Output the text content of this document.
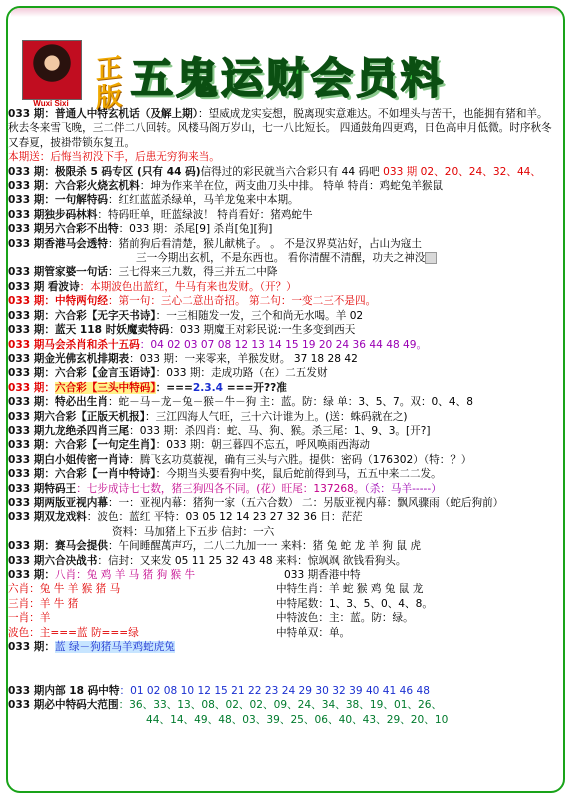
Wuxi Sixi
正版 五鬼运财会员料
033 期：普通人中特玄机话（及解上期）：望威成龙实妄想，脱离现实意难达。不如埋头与苦干，也能拥有猪和羊。秋去冬来雪飞晚，三二伴二八回转。风楼马阁万岁山，七一八比短长。 四通鼓角四更鸡，日色高申月低微。时序秋冬又春夏，披褂带锁东复丑。
本期送：后悔当初没下手，后患无穷狗来当。
033 期：极限杀 5 码专区 (只有 44 码)信得过的彩民就当六合彩只有 44 码吧 033 期 02、20、24、32、44、
033 期：六合彩火烧玄机料：坤为作来羊在位，两支曲刀头中排。 特单 特肖：鸡蛇兔羊猴鼠
033 期：一句解特码：红红蓝蓝杀绿单，马羊龙兔来中本期。
033 期独步码林料：特码旺单，旺蓝绿波！ 特肖看好：猪鸡蛇牛
033 期另六合彩不出特：033 期：杀尾[9] 杀肖[兔][狗]
033 期香港马会透特：猪前狗后看清楚，猴儿献桃子。 。 不是汉界莫沾好，占山为寇土
三一今期出玄机，不是东西也。 看你清醒不清醒，功夫之神没
033 期管家婆一句话：三七得来三九数，得三并五二中降
033 期 看波诗：本期波色出蓝红，牛马有来也发财。（开？）
033 期：中特两句经：第一句：三心二意出奇招。 第二句：一变二三不是四。
033 期：六合彩【无字天书诗】：一三相随发一发，三个和尚无水喝。羊 02
033 期：蓝天 118 时妖魔卖特码：033 期魔王对彩民说:一生多变到西天
033 期马会杀肖和杀十五码：04 02 03 07 08 12 13 14 15 19 20 24 36 44 48 49。
033 期金光佛玄机排期表：033 期：一来零来，羊猴发财。 37 18 28 42
033 期：六合彩【金言玉语诗】：033 期：走成功路（在）二五发财
033 期：六合彩【三头中特码】：===2.3.4 ===开??准
033 期：特必出生肖：蛇－马－龙－兔－猴－牛－狗 主：蓝。防：绿 单：3、5、7。双：0、4、8
033 期六合彩【正版天机报】：三江四海人气旺，三十六计谁为上。(送：蛛码就在之)
033 期九龙绝杀四肖三尾：033 期：杀四肖：蛇、马、狗、猴。杀三尾：1、9、3。[开?]
033 期：六合彩【一句定生肖】：033 期：朝三暮四不忘五，呼风唤雨西海动
033 期白小姐传密一肖诗：腾飞玄功莫藐视，确有三头与六胜。提供：密码（176302）（特：？）
033 期：六合彩【一肖中特诗】：今期当头要看狗中奖，鼠后蛇前得到马，五五中来二二发。
033 期特码王：七步成诗七七数，猪三狗四各不同。(花）旺尾：137268。（杀：马羊-----）
033 期两版亚视内幕：一：亚视内幕：猪狗一家（五六合数） 二：另版亚视内幕：飘风骤雨（蛇后狗前）
033 期双龙戏料：波色：蓝红 平特：03 05 12 14 23 27 32 36 日：茫茫
资料：马加猪上下五步 信封：一六
033 期：赛马会提供：午间睡醒萬声巧，二八二九加一一 来料：猪 兔 蛇 龙 羊 狗 鼠 虎
033 期六合决战书：信封：又来发 05 11 25 32 43 48 来料：惊飒飒 欲钱看狗头。
033 期：八肖：兔 鸡 羊 马 猪 狗 猴 牛
六肖：兔 牛 羊 猴 猪 马
三肖：羊 牛 猪
一肖：羊
波色：主===蓝 防===绿
033 期：蓝 绿－狗猪马羊鸡蛇虎兔
033 期香港中特
中特生肖：羊 蛇 猴 鸡 兔 鼠 龙
中特尾数：1、3、5、0、4、8。
中特波色：主：蓝。防：绿。
中特单双：单。
033 期内部 18 码中特：01 02 08 10 12 15 21 22 23 24 29 30 32 39 40 41 46 48
033 期必中特码大范围：36、33、13、08、02、02、09、24、34、38、19、01、26、
44、14、49、48、03、39、25、06、40、43、29、20、10
